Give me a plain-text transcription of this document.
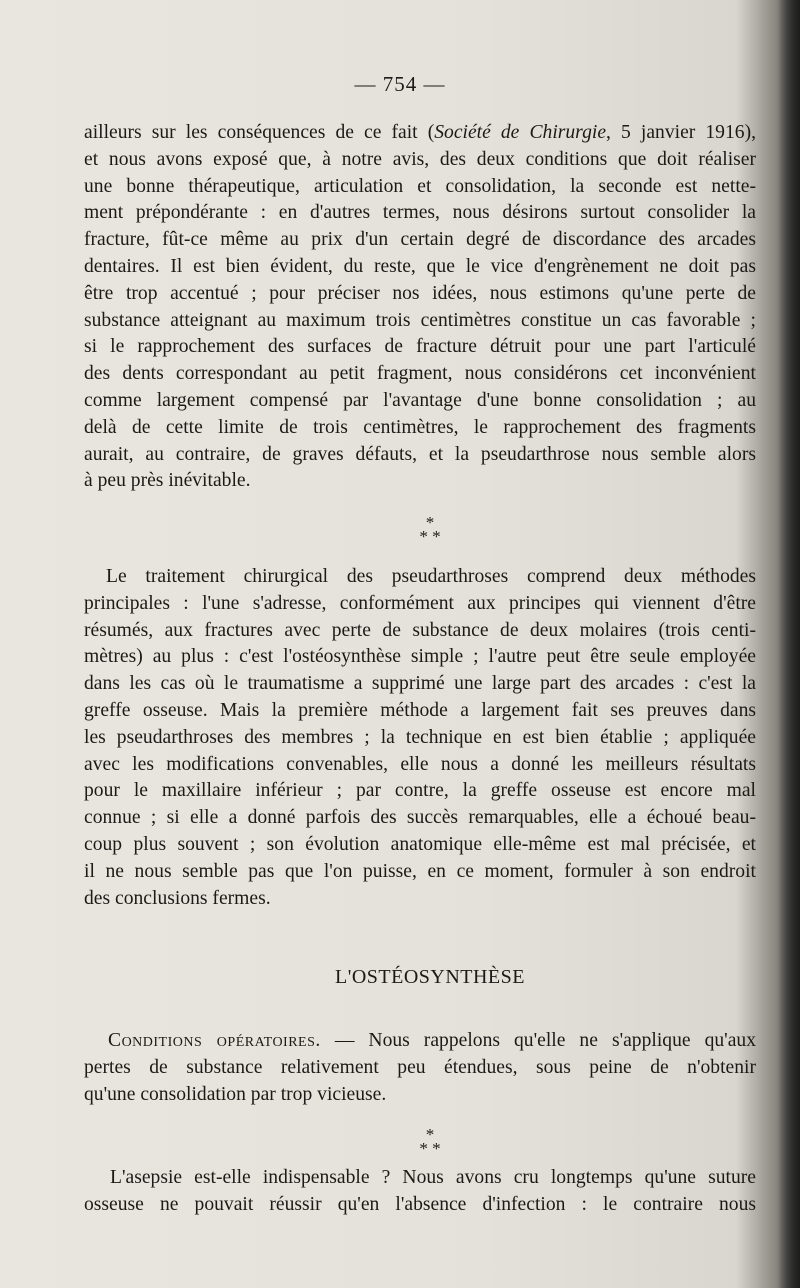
— 754 —
ailleurs sur les conséquences de ce fait (Société de Chirurgie, 5 janvier 1916),
et nous avons exposé que, à notre avis, des deux conditions que doit réaliser
une bonne thérapeutique, articulation et consolidation, la seconde est nette-
ment prépondérante : en d'autres termes, nous désirons surtout consolider la
fracture, fût-ce même au prix d'un certain degré de discordance des arcades
dentaires. Il est bien évident, du reste, que le vice d'engrènement ne doit pas
être trop accentué ; pour préciser nos idées, nous estimons qu'une perte de
substance atteignant au maximum trois centimètres constitue un cas favorable ;
si le rapprochement des surfaces de fracture détruit pour une part l'articulé
des dents correspondant au petit fragment, nous considérons cet inconvénient
comme largement compensé par l'avantage d'une bonne consolidation ; au
delà de cette limite de trois centimètres, le rapprochement des fragments
aurait, au contraire, de graves défauts, et la pseudarthrose nous semble alors
à peu près inévitable.
*
* *
Le traitement chirurgical des pseudarthroses comprend deux méthodes
principales : l'une s'adresse, conformément aux principes qui viennent d'être
résumés, aux fractures avec perte de substance de deux molaires (trois centi-
mètres) au plus : c'est l'ostéosynthèse simple ; l'autre peut être seule employée
dans les cas où le traumatisme a supprimé une large part des arcades : c'est la
greffe osseuse. Mais la première méthode a largement fait ses preuves dans
les pseudarthroses des membres ; la technique en est bien établie ; appliquée
avec les modifications convenables, elle nous a donné les meilleurs résultats
pour le maxillaire inférieur ; par contre, la greffe osseuse est encore mal
connue ; si elle a donné parfois des succès remarquables, elle a échoué beau-
coup plus souvent ; son évolution anatomique elle-même est mal précisée, et
il ne nous semble pas que l'on puisse, en ce moment, formuler à son endroit
des conclusions fermes.
L'OSTÉOSYNTHÈSE
Conditions opératoires. — Nous rappelons qu'elle ne s'applique qu'aux
pertes de substance relativement peu étendues, sous peine de n'obtenir
qu'une consolidation par trop vicieuse.
*
* *
L'asepsie est-elle indispensable ? Nous avons cru longtemps qu'une suture
osseuse ne pouvait réussir qu'en l'absence d'infection : le contraire nous
